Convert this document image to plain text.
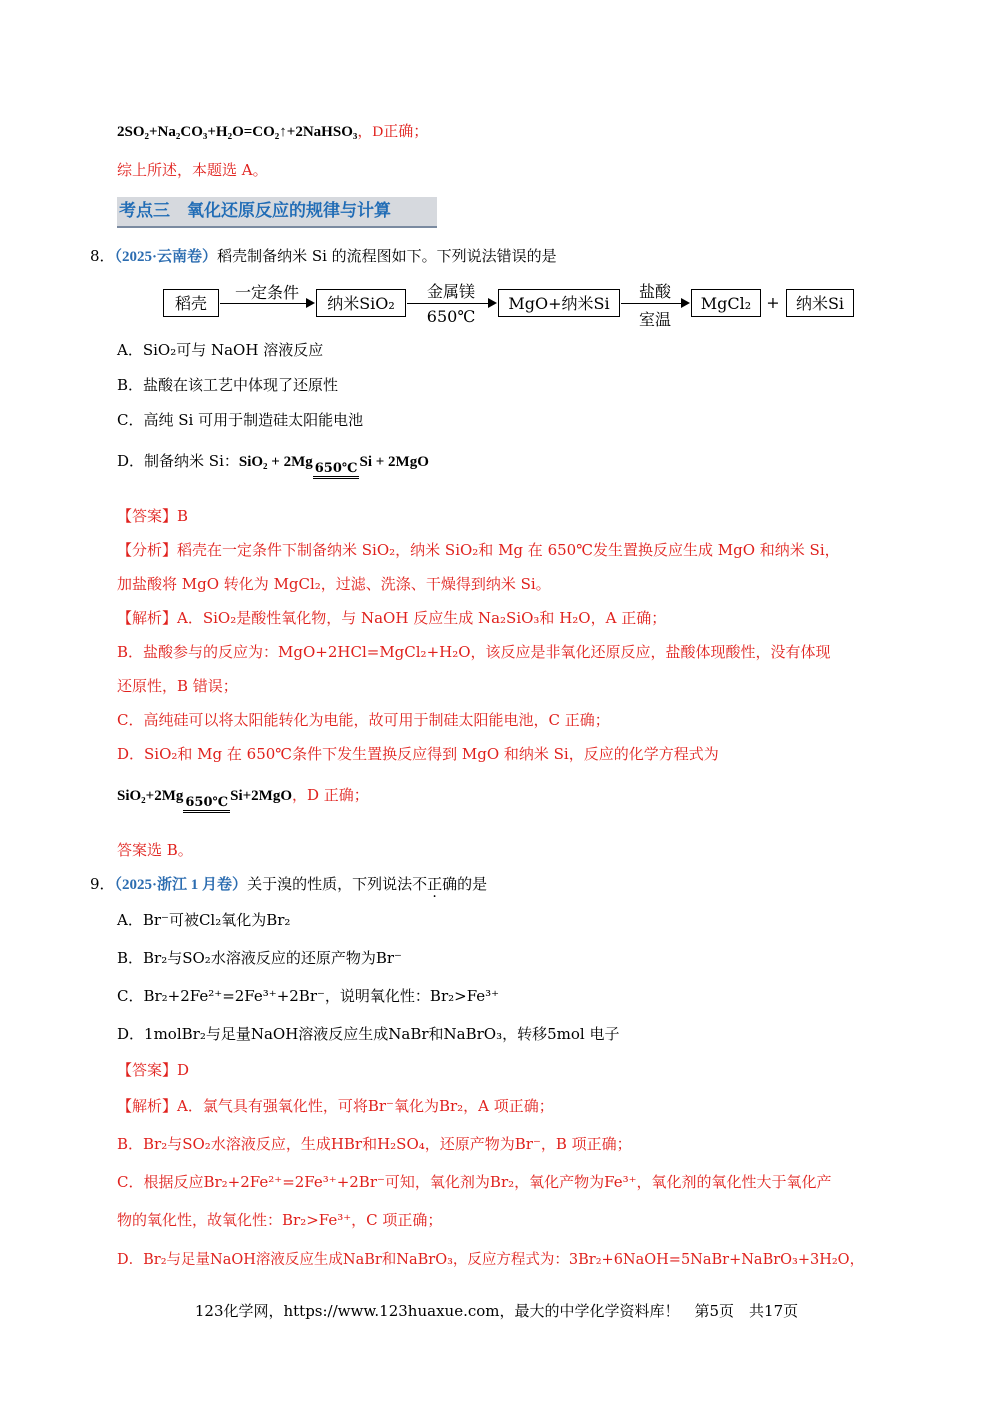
2SO₂+Na₂CO₃+H₂O=CO₂↑+2NaHSO₃，D正确；
综上所述，本题选 A。
考点三　氧化还原反应的规律与计算
8．（2025·云南卷）稻壳制备纳米 Si 的流程图如下。下列说法错误的是
稻壳
一定条件
纳米SiO₂
金属镁
650℃
MgO+纳米Si
盐酸
室温
MgCl₂ +	纳米Si
A．SiO₂可与 NaOH 溶液反应
B．盐酸在该工艺中体现了还原性
C．高纯 Si 可用于制造硅太阳能电池
D．制备纳米 Si：SiO₂ + 2Mg 650℃ Si + 2MgO
【答案】B
【分析】稻壳在一定条件下制备纳米 SiO₂，纳米 SiO₂和 Mg 在 650℃发生置换反应生成 MgO 和纳米 Si，
加盐酸将 MgO 转化为 MgCl₂，过滤、洗涤、干燥得到纳米 Si。
【解析】A．SiO₂是酸性氧化物，与 NaOH 反应生成 Na₂SiO₃和 H₂O，A 正确；
B．盐酸参与的反应为：MgO+2HCl=MgCl₂+H₂O，该反应是非氧化还原反应，盐酸体现酸性，没有体现
还原性，B 错误；
C．高纯硅可以将太阳能转化为电能，故可用于制硅太阳能电池，C 正确；
D．SiO₂和 Mg 在 650℃条件下发生置换反应得到 MgO 和纳米 Si，反应的化学方程式为
SiO₂+2Mg 650℃ Si+2MgO，D 正确；
答案选 B。
9．（2025·浙江 1 月卷）关于溴的性质，下列说法不正确的是
A．Br⁻可被Cl₂氧化为Br₂
B．Br₂与SO₂水溶液反应的还原产物为Br⁻
C．Br₂+2Fe²⁺=2Fe³⁺+2Br⁻，说明氧化性：Br₂>Fe³⁺
D．1molBr₂与足量NaOH溶液反应生成NaBr和NaBrO₃，转移5mol 电子
【答案】D
【解析】A．氯气具有强氧化性，可将Br⁻氧化为Br₂，A 项正确；
B．Br₂与SO₂水溶液反应，生成HBr和H₂SO₄，还原产物为Br⁻，B 项正确；
C．根据反应Br₂+2Fe²⁺=2Fe³⁺+2Br⁻可知，氧化剂为Br₂，氧化产物为Fe³⁺，氧化剂的氧化性大于氧化产
物的氧化性，故氧化性：Br₂>Fe³⁺，C 项正确；
D．Br₂与足量NaOH溶液反应生成NaBr和NaBrO₃，反应方程式为：3Br₂+6NaOH=5NaBr+NaBrO₃+3H₂O，
123化学网，https://www.123huaxue.com，最大的中学化学资料库！　第5页　共17页
